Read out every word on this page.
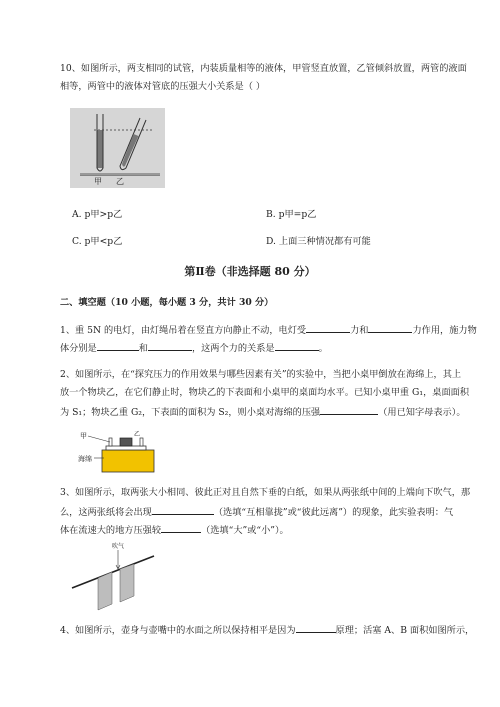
10、如图所示，两支相同的试管，内装质量相等的液体，甲管竖直放置，乙管倾斜放置，两管的液面
相等，两管中的液体对管底的压强大小关系是（ ）
甲 乙
A. p甲>p乙	B. p甲=p乙
C. p甲<p乙	D. 上面三种情况都有可能
第Ⅱ卷（非选择题 80 分）
二、填空题（10 小题，每小题 3 分，共计 30 分）
1、重 5N 的电灯，由灯绳吊着在竖直方向静止不动，电灯受	力和	力作用，施力物
体分别是	和	，这两个力的关系是	。
2、如图所示，在“探究压力的作用效果与哪些因素有关”的实验中，当把小桌甲倒放在海绵上，其上
放一个物块乙，在它们静止时，物块乙的下表面和小桌甲的桌面均水平。已知小桌甲重 G₁，桌面面积
为 S₁；物块乙重 G₂，下表面的面积为 S₂，则小桌对海绵的压强	（用已知字母表示）。
甲	乙
海绵
3、如图所示，取两张大小相同、彼此正对且自然下垂的白纸，如果从两张纸中间的上端向下吹气，那
么，这两张纸将会出现	（选填“互相靠拢”或“彼此远离”）的现象，此实验表明：气
体在流速大的地方压强较	（选填“大”或“小”）。
吹气
4、如图所示，壶身与壶嘴中的水面之所以保持相平是因为	原理；活塞 A、B 面积如图所示，
